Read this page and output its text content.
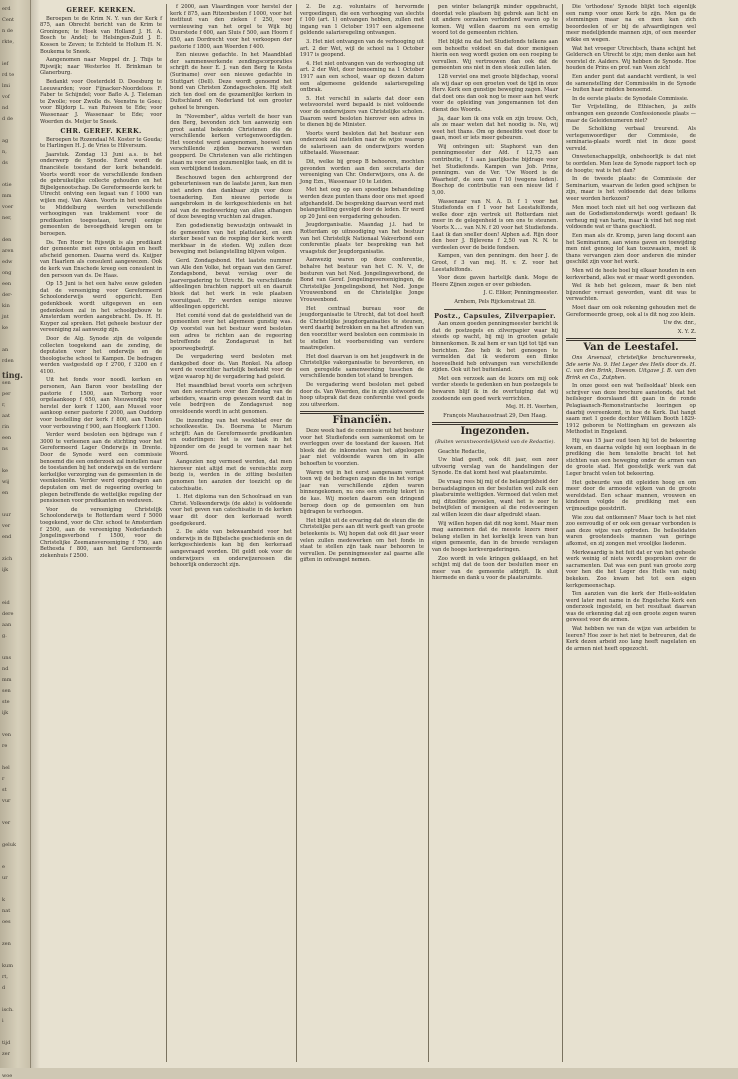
erd
Cent
n de
rkte,
ief
rd te
lmi
vof
nd
d de
ag
n,
ds
otie
mm
voer
ner,
den
aren
edw
ong
een
der-
kin
jnt
ke
an
rden
sen
per
r,
aat
rin
een
ns
ke
wij
en
uur
ver
end
zich
ijk
eid
dere
aan
g.
uns
nd
mm
sen
ste
ijk
ven
re
hel
r
st
vur
ver
geluk
e
ur
k
nat
oes
zen
kum
rt,
d
isch.
i
tijd
zer
woe
ting.
GEREF. KERKEN.

Beroepen te de Krim N. Y. van der Kerk f 875, aan Obrecht bericht van de Krim te Groningen; te Hoek van Holland J. H. A. Bosch te Andel; te Helsingen-Zuid J. E. Kossen te Zeven; te Echteld te Hollum H. N. Boukema te Sneek.

Aangenomen naar Meppel dr. J. Thijs te Rijswijk; naar Westerlee H. Brinkman te Glanerburg.

Bedankt voor Oosterdeld D. Doesburg te Leeuwarden; voor Fijnacker-Noordeloos F. Faber te Schijndel; voor Baflo A. J. Tieleman te Zwolle; voor Zwolle ds. Veenstra te Goes; voor Blijdorp L. van Ruiveen te Ede; voor Wassenaar J. Wassenaar te Ede; voor Woerden ds. Meijer te Sneek.

CHR. GEREF. KERK.

Beroepen te Rozendaal M. Koster te Gouda; te Harlingen H. J. de Vries te Hilversum.

Jaarstuk. Zondag 13 Juni a.s. is het onderwerp de Synode. Eerst wordt de financiëele toestand der kerk behandeld. Voorts wordt voor de verschillende fondsen de gebruikelijke collecte gehouden en het Bijbelgenootschap. De Gereformeerde kerk te Utrecht ontving een legaat van f 1000 van wijlen mej. Van Aken. Voorts in het weeshuis te Middelburg werden verschillende verhoogingen van traktement voor de predikanten toegestaan, terwijl eenige gemeenten de bevoegdheid kregen om te beroepen.

Ds. Ten Hoor te Rijswijk is als predikant der gemeente met eere ontslagen en heeft afscheid genomen. Daarna werd ds. Kuijper van Haarlem als consulent aangewezen. Ook de kerk van Enschede kreeg een consulent in den persoon van ds. De Haas.

Op 15 Juni is het een halve eeuw geleden dat de vereeniging voor Gereformeerd Schoolonderwijs werd opgericht. Een gedenkboek wordt uitgegeven en een gedenksteen zal in het schoolgebouw te Amsterdam worden aangebracht. Ds. H. H. Kuyper zal spreken. Het geheele bestuur der vereeniging zal aanwezig zijn.

Door de Alg. Synode zijn de volgende collecten toegekend aan de zending, de deputaten voor het onderwijs en de theologische school te Kampen. De bedragen werden vastgesteld op f 2700, f 3200 en f 4100.

Uit het fonds voor noodl. kerken en personen, Aan Baron voor bestelling der pastorie f 1500, aan Terborg voor orgelaankoop f 650, aan Nieuwendijk voor herstel der kerk f 1200, aan Mussel voor aankoop eener pastorie f 2000, aan Ouddorp voor bestelling der kerk f 800, aan Tholen voor verbouwing f 900, aan Hoogkerk f 1300.

Verder werd besloten een bijdrage van f 3000 te verleenen aan de stichting voor het Gereformeerd Lager Onderwijs in Drente. Door de Synode werd een commissie benoemd die een onderzoek zal instellen naar de toestanden bij het onderwijs en de verdere kerkelijke verzorging van de gemeenten in de veenkoloniën. Verder werd opgedragen aan deputaten om met de regeering overleg te plegen betreffende de wettelijke regeling der pensioenen voor predikanten en weduwen.

Voor de vereeniging Christelijk Schoolonderwijs te Rotterdam werd f 5000 toegekend, voor de Chr. school te Amsterdam f 2500, aan de vereeniging Nederlandsch Jongelingsverbond f 1500, voor de Christelijke Zeemansvereeniging f 750, aan Bethesda f 800, aan het Gereformeerde ziekenhuis f 2500.

f 2000, aan Vlaardingen voor herstel der kerk f 875, aan Ritzenbesten f 1000, voor het instituut van den zieken f 250, voor vernieuwing van het orgel te Wijk bij Duurstede f 600, aan Sluis f 500, aan Hoorn f 650, aan Dordrecht voor het verkoopen der pastorie f 1800, aan Woerden f 400.

Een nieuwe gedachte. In het Maandblad der sammenwerkende zendingscorporaties schrijft de heer E. J. van den Berg te Kesta (Suriname) over een nieuwe gedachte in Stuttgart (Dell). Deze wordt genoemd het bond van Christen Zondagsscholen. Hij stelt zich ten doel om de gezamenlijke kerken in Duitschland en Nederland tot een grooter geheel te brengen.

In "November", aldus vertelt de heer van den Berg, bevonden zich ten aanwezig een groot aantal bekende Christenen die de verschillende kerken vertegenwoordigden. Het voorstel werd aangenomen, hoewel van verschillende zijden bezwaren werden geopperd. De Christenen van alle richtingen staan nu voor een gezamenlijke taak, en dit is een verblijdend teeken.

Beschouwd tegen den achtergrond der gebeurtenissen van de laatste jaren, kan men niet anders dan dankbaar zijn voor deze toenadering. Een nieuwe periode is aangebroken in de kerkgeschiedenis en het zal van de medewerking van allen afhangen of deze beweging vruchten zal dragen.

Een godsdienstig bewustzijn ontwaakt in de gemeenten van het platteland, en een sterker besef van de roeping der kerk wordt merkbaar in de steden. Wij zullen deze beweging met belangstelling blijven volgen.

Gerd. Zondagsbond. Het laatste nummer van Alle den Volke, het orgaan van den Geref. Zondagsbond, bevat verslag over de jaarvergadering te Utrecht. De verschillende afdeelingen brachten rapport uit en daaruit bleek dat het werk in vele plaatsen vooruitgaat. Er werden eenige nieuwe afdeelingen opgericht.

Het comité vond dat de gesteldheid van de gemeenten over het algemeen gunstig was. Op voorstel van het bestuur werd besloten een adres te richten aan de regeering betreffende de Zondagsrust in het spoorwegbedrijf.

De vergadering werd besloten met dankgebed door ds. Van Ronkel. Na afloop werd de voorzitter hartelijk bedankt voor de wijze waarop hij de vergadering had geleid.

Het maandblad bevat voorts een schrijven van den secretaris over den Zondag van de arbeiders, waarin erop gewezen wordt dat in vele bedrijven de Zondagsrust nog onvoldoende wordt in acht genomen.

De inzending van het weekblad over de schoolkwestie. Ds. Boersma te Marum schrijft: Aan de Gereformeerde predikanten en ouderlingen: het is uw taak in het bijzonder om de jeugd te vormen naar het Woord.

Aangezien nog vermoed werden, dat men hierover niet altijd met de vereischte zorg bezig is, werden in de zitting besluiten genomen ten aanzien der toezicht op de catechisatie.

1. Het diploma van den Schoolraad en van Christ. Volksonderwijs (de akte) is voldoende voor het geven van catechisatie in de kerken waar dit door den kerkeraad wordt goedgekeurd.

2. De akte van bekwaamheid voor het onderwijs in de Bijbelsche geschiedenis en de kerkgeschiedenis kan bij den kerkeraad aangevraagd worden. Dit geldt ook voor de onderwijzers en onderwijzeressen die behoorlijk onderzocht zijn.

2. De z.g. voluntairs of hervormde vergoedingen, die een verhooging van slechts f 100 (art. 1) ontvangen hebben, zullen met ingang van 1 October 1917 een algemeene geldende salarisregeling ontvangen.

3. Het niet ontvangen van de verhooging uit art. 2 der Wet, wijl de school na 1 October 1917 is geopend.

4. Het niet ontvangen van de verhooging uit art. 2 der Wet, door benoeming na 1 October 1917 aan een school, waar op dezen datum een algemeene geldende salarisregeling ontbrak.

5. Het verschil in salaris dat door een wetsvoorstel werd bepaald is niet voldoende voor de onderwijzers van Christelijke scholen. Daarom werd besloten hierover een adres in te dienen bij de Minister.

Voorts werd besloten dat het bestuur een onderzoek zal instellen naar de wijze waarop de salarissen aan de onderwijzers worden uitbetaald. Wassenaar.

Dit, welke bij groep B behooren, mochten gevonden worden aan den secretaris der vereeniging van Chr. Onderwijzers, ons A. de Jong Ezn., Wassenaar 10 te Leiden.

Met het oog op een spoedige behandeling werden deze punten thans door ons met spoed afgehandeld. De bespreking daarvan werd met belangstelling gevolgd door de leden. Er werd op 20 Juni een vergadering gehouden.

Jeugdorganisatie. Maandag j.l. had te Rotterdam op uitnoodiging van het bestuur van het Christelijk Nationaal Vakverbond een conferentie plaats ter bespreking van het vraagstuk der Jeugdorganisatie.

Aanwezig waren op deze conferentie, behalve het bestuur van het C. N. V., de besturen van het Ned. Jongelingsverbond, de Bond van Geref. Jongelingsvereenigingen, de Christelijke Jongelingsbond, het Ned. Jonge Vrouwenbond en de Christelijke Jonge Vrouwenbond.

Het centraal bureau voor de jeugdorganisatie te Utrecht, dat tot doel heeft de Christelijke jeugdorganisaties te steunen, werd daarbij betrokken en na het aftreden van den voorzitter werd besloten een commissie in te stellen tot voorbereiding van verdere maatregelen.

Het doel daarvan is om het jeugdwerk in de Christelijke vakorganisatie te bevorderen, en een geregelde samenwerking tusschen de verschillende bonden tot stand te brengen.

De vergadering werd besloten met gebed door ds. Van Woerden, die in zijn slotwoord de hoop uitsprak dat deze conferentie veel goeds zou uitwerken.

Financiën.

Deze week had de commissie uit het bestuur voor het Studiefonds een samenkomst om te overleggen over de toestand der kassen. Het bleek dat de inkomsten van het afgeloopen jaar niet voldoende waren om in alle behoeften te voorzien.

Waren wij in het eerst aangenaam verrast toen wij de bedragen zagen die in het vorige jaar van verschillende zijden waren binnengekomen, nu ons een ernstig tekort in de kas. Wij moeten daarom een dringend beroep doen op de gemeenten om hun bijdragen te verhoogen.

Het blijkt uit de ervaring dat de steun die de Christelijke pers aan dit werk geeft van groote beteekenis is. Wij hopen dat ook dit jaar weer velen zullen medewerken om het fonds in staat te stellen zijn taak naar behooren te vervullen. De penningmeester zal gaarne alle giften in ontvangst nemen.

pen winter belangrijk minder opgebracht, doordat vele plaatsen bij gebrek aan licht en uit andere oorzaken verhinderd waren op te komen. Wij willen daarom nu een ernstig woord tot de gemeenten richten.

Het blijkt nu dat het Studiefonds telkens aan een behoefte voldoet en dat door menigeen hierin een weg wordt gezien om een roeping te vervullen. Wij vertrouwen dan ook dat de gemeenten ons niet in den steek zullen laten.

128 verviel ons met groote blijdschap, vooral als wij daar op een groeten voet de tijd in onze Herv. Kerk een gunstige beweging zagen. Maar dat doet ons dan ook nog te meer aan het werk voor de opleiding van jongemannen tot den dienst des Woords.

Ja, daar ken ik ons volk en zijn trouw. Och, als ze maar weten dat het noodig is. Nu, wij weet het thans. Om op deneelfde voet door te gaan, moet er iets meer gebeuren.

Wij ontvingen uit: Staphorst van den penningmeester der Afd. f 12,75 aan contributie, f 1 aan jaarlijksche bijdrage voor het Studiefonds. Kampen van Job. Prins, penningm. van de Ver. 'Uw Woord is de Waarheid', de som van f 10 (wegens leden). Boschop de contributie van een nieuw lid f 5,00.

Wassenaar van N. A. D. f 1 voor het Studiefonds en f 1 voor het Leestafelfonds, welke door zijn vertrek uit Rotterdam niet meer in de gelegenheid is om ons te steunen. Voorts X..... van N.N. f 20 voor het Studiefonds. Laat ik dan sneller doen! Alphen a.d. Rijn door den heer J. Bijlevens f 2,50 van N. N. te verdeelen over de beide fondsen.

Kampen, van den penningm. den heer J. de Groot, f 3 van mej. H. v. Z. voor het Leestafelfonds.

Voor deze gaven hartelijk dank. Moge de Heere Zijnen zegen er over gebieden.

J. C. Eliker, Penningmeester.

Arnhem, Pels Rijckenstraat 28.

Postz., Capsules, Zilverpapier.

Aan onzen goeden penningmeester bericht ik dat de postzegels en zilverpapier waar hij steeds op wacht, bij mij in grooten getale binnenkomen. Ik zal hem er van tijd tot tijd van berichten. Zoo heb ik het genoegen te vermelden dat ik wederom een flinke hoeveelheid heb ontvangen van verschillende zijden. Ook uit het buitenland.

Met een verzoek aan de lezers om mij ook verder steeds te gedenken en hun postzegels te bewaren blijf ik in de overtuiging dat wij zoodoende een goed werk verrichten.

Mej. H. H. Veerhen,

François Mauhausstraat 29, Den Haag.

Ingezonden.
(Buiten verantwoordelijkheid van de Redactie).

Geachte Redactie,

Uw blad geeft, ook dit jaar, een zeer uitvoerig verslag van de handelingen der Synode. En dat komt heel wat plaatsruimte.

De vraag rees bij mij of de belangrijkheid der beraadslagingen en der besluiten wel zulk een plaatsruimte wettigden. Vermoed dat velen met mij ditzelfde gevoelen, want het is zeer te betwijfelen of menigeen al die redevoeringen zal willen lezen die daar afgedrukt staan.

Wij willen hopen dat dit nog komt. Maar men mag aannemen dat de meeste lezers meer belang stellen in het kerkelijk leven van hun eigen gemeente, dan in de breede verslagen van de hooge kerkvergaderingen.

Zoo wordt in vele kringen geklaagd, en het schijnt mij dat de toon der besluiten meer en meer van de gemeente afdrijft. Ik sluit hiermede en dank u voor de plaatsruimte.

Die 'orthodoxe' Synode blijkt toch eigenlijk een ramp voor onze Kerk te zijn. Men ga de stemmingen maar na en men kan zich beoordeelen of er bij de afvaardigingen wel meer medelijdende mannen zijn, of een meerder wikke en wegen.

Wat het vroeger Utrechtsch, thans schijnt het Geldersch en Utrecht te zijn; men denke aan het voorstel dr. Aalders. Wij hebben de Synode. Hoe houden de Prins en prof. van Veen zich!

Een ander punt dat aandacht verdient, is wel de samenstelling der Commissiën in de Synode — buiten haar midden benoemd.

In de eerste plaats: de Synodale Commissie.

Ter Vrijstelling, de Ethischen, ja zelfs ontvangen een gezonde Confessioneele plaats — maar de Geleidenumeren niet?

De Scholiking verbaal treurend. Als vertegenwoordiger der Commissie, de seminaria-plaats wordt niet in deze geest vervuld.

Onwetenschappelijk, onbehoorlijk is dat niet te oordelen. Men leze de Synode rapport toch op de hoogte; wat is het dan?

In de tweede plaats: de Commissie der Seminarium, waarvan de leden goed schijnen te zijn, maar is het voldoende dat deze telkens weer worden herkozen?

Men moet toch niet uit het oog verliezen dat aan de Godsdienstonderwijs wordt gedaan! Ik verheug mij van harte, maar ik vind het nog niet voldoende wat er thans geschiedt.

Een man als dr. Kromp, jaren lang docent aan het Seminarium, aan wiens gaven en toewijding men niet genoeg lof kan toezwaaien, moet ik thans vervangen zien door anderen die minder geschikt zijn voor het werk.

Men wil de heele boel bij elkaar houden in een kerkverband, alles wat er maar wordt gevonden.

Wel ik heb het gelezen, maar ik ben niet bijzonder verrast geworden, want dit was te verwachten.

Moet daar om ook rekening gehouden met de Gereformeerde groep, ook al is dit nog zoo klein.

Uw dw. dnr.,

X. Y. Z.

Van de Leestafel.

Ons Arsenaal, christelijke brochurenreeks, 5de serie No. 9. Het Leger des Heils door ds. H. C. van den Brink, Doeson. Uitgave J. B. van den Brink en Co., Zutphen.

In onze geest een wat 'heilsoldaat' bleek een schrijver van deze brochure aanstonds, dat het heilsleger doorslaand dit gaan in de ronde Pelagiaansch-Remonstrantsche leeringen op daarbij overeenkomt, in hoe de Kerk. Dat hangt saam met 1 goede dochter William Booth 1829-1912 geboren te Nottingham en gewezen als Methodist in Engeland.

Hij was 15 jaar oud toen hij tot de bekeering kwam, en daarna volgde hij een loopbaan in de prediking die hem tenslotte bracht tot het stichten van een beweging onder de armen van de groote stad. Het geestelijk werk van dat Leger bracht velen tot bekeering.

Het gebeurde van dit opleiden hoog en om meer door de armoede wijken van de groote wereldstad. Een schaar mannen, vrouwen en kinderen volgde de prediking met een vrijmoedige geestdrift.

Wie zou dat ontkennen? Maar toch is het niet zoo eenvoudig of er ook een gevaar verbonden is aan deze wijze van optreden. De heilsoldaten waren grootendeels mannen van geringe afkomst, en zij zongen met vroolijke liederen.

Merkwaardig is het feit dat er van het geheele werk weinig of niets wordt gesproken over de sacramenten. Dat was een punt van groote zorg voor hen die het Leger des Heils van nabij bekeken. Zoo kwam het tot een eigen kerkgemeenschap.

Ten aanzien van die kerk der Heils-soldaten werd later met name in de Engelsche Kerk een onderzoek ingesteld, en het resultaat daarvan was de erkenning dat zij een groote zegen waren geweest voor de armen.

Wat hebben we van de wijze van arbeiden te leeren? Hoe zeer is het niet te betreuren, dat de Kerk dezen arbeid zoo lang heeft nagelaten en de armen niet heeft opgezocht.
